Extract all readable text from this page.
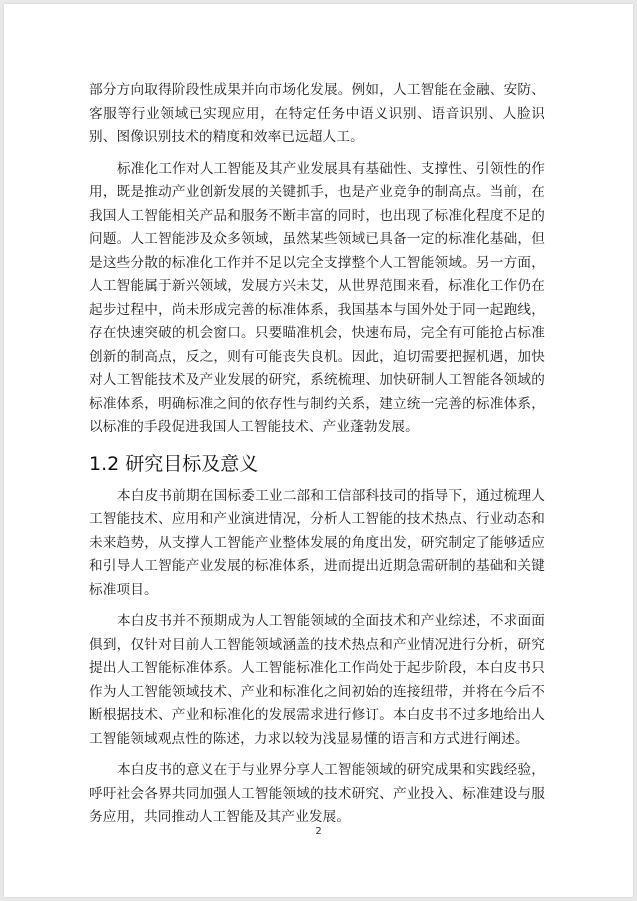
部分方向取得阶段性成果并向市场化发展。例如，人工智能在金融、安防、客服等行业领域已实现应用，在特定任务中语义识别、语音识别、人脸识别、图像识别技术的精度和效率已远超人工。

标准化工作对人工智能及其产业发展具有基础性、支撑性、引领性的作用，既是推动产业创新发展的关键抓手，也是产业竞争的制高点。当前，在我国人工智能相关产品和服务不断丰富的同时，也出现了标准化程度不足的问题。人工智能涉及众多领域，虽然某些领域已具备一定的标准化基础，但是这些分散的标准化工作并不足以完全支撑整个人工智能领域。另一方面，人工智能属于新兴领域，发展方兴未艾，从世界范围来看，标准化工作仍在起步过程中，尚未形成完善的标准体系，我国基本与国外处于同一起跑线，存在快速突破的机会窗口。只要瞄准机会，快速布局，完全有可能抢占标准创新的制高点，反之，则有可能丧失良机。因此，迫切需要把握机遇，加快对人工智能技术及产业发展的研究，系统梳理、加快研制人工智能各领域的标准体系，明确标准之间的依存性与制约关系，建立统一完善的标准体系，以标准的手段促进我国人工智能技术、产业蓬勃发展。

1.2 研究目标及意义

本白皮书前期在国标委工业二部和工信部科技司的指导下，通过梳理人工智能技术、应用和产业演进情况，分析人工智能的技术热点、行业动态和未来趋势，从支撑人工智能产业整体发展的角度出发，研究制定了能够适应和引导人工智能产业发展的标准体系，进而提出近期急需研制的基础和关键标准项目。

本白皮书并不预期成为人工智能领域的全面技术和产业综述，不求面面俱到，仅针对目前人工智能领域涵盖的技术热点和产业情况进行分析，研究提出人工智能标准体系。人工智能标准化工作尚处于起步阶段，本白皮书只作为人工智能领域技术、产业和标准化之间初始的连接纽带，并将在今后不断根据技术、产业和标准化的发展需求进行修订。本白皮书不过多地给出人工智能领域观点性的陈述，力求以较为浅显易懂的语言和方式进行阐述。

本白皮书的意义在于与业界分享人工智能领域的研究成果和实践经验，呼吁社会各界共同加强人工智能领域的技术研究、产业投入、标准建设与服务应用，共同推动人工智能及其产业发展。

2
